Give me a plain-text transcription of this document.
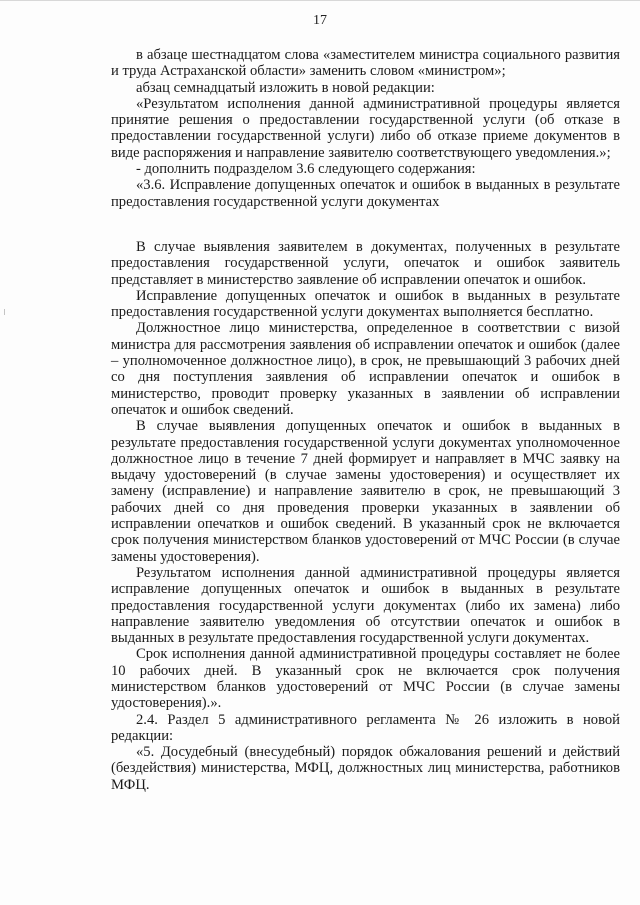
17

в абзаце шестнадцатом слова «заместителем министра социального развития и труда Астраханской области» заменить словом «министром»;

абзац семнадцатый изложить в новой редакции:

«Результатом исполнения данной административной процедуры является принятие решения о предоставлении государственной услуги (об отказе в предоставлении государственной услуги) либо об отказе приеме документов в виде распоряжения и направление заявителю соответствующего уведомления.»;

- дополнить подразделом 3.6 следующего содержания:

«3.6. Исправление допущенных опечаток и ошибок в выданных в результате предоставления государственной услуги документах

В случае выявления заявителем в документах, полученных в результате предоставления государственной услуги, опечаток и ошибок заявитель представляет в министерство заявление об исправлении опечаток и ошибок.

Исправление допущенных опечаток и ошибок в выданных в результате предоставления государственной услуги документах выполняется бесплатно.

Должностное лицо министерства, определенное в соответствии с визой министра для рассмотрения заявления об исправлении опечаток и ошибок (далее – уполномоченное должностное лицо), в срок, не превышающий 3 рабочих дней со дня поступления заявления об исправлении опечаток и ошибок в министерство, проводит проверку указанных в заявлении об исправлении опечаток и ошибок сведений.

В случае выявления допущенных опечаток и ошибок в выданных в результате предоставления государственной услуги документах уполномоченное должностное лицо в течение 7 дней формирует и направляет в МЧС заявку на выдачу удостоверений (в случае замены удостоверения) и осуществляет их замену (исправление) и направление заявителю в срок, не превышающий 3 рабочих дней со дня проведения проверки указанных в заявлении об исправлении опечатков и ошибок сведений. В указанный срок не включается срок получения министерством бланков удостоверений от МЧС России (в случае замены удостоверения).

Результатом исполнения данной административной процедуры является исправление допущенных опечаток и ошибок в выданных в результате предоставления государственной услуги документах (либо их замена) либо направление заявителю уведомления об отсутствии опечаток и ошибок в выданных в результате предоставления государственной услуги документах.

Срок исполнения данной административной процедуры составляет не более 10 рабочих дней. В указанный срок не включается срок получения министерством бланков удостоверений от МЧС России (в случае замены удостоверения).».

2.4. Раздел 5 административного регламента № 26 изложить в новой редакции:

«5. Досудебный (внесудебный) порядок обжалования решений и действий (бездействия) министерства, МФЦ, должностных лиц министерства, работников МФЦ.
